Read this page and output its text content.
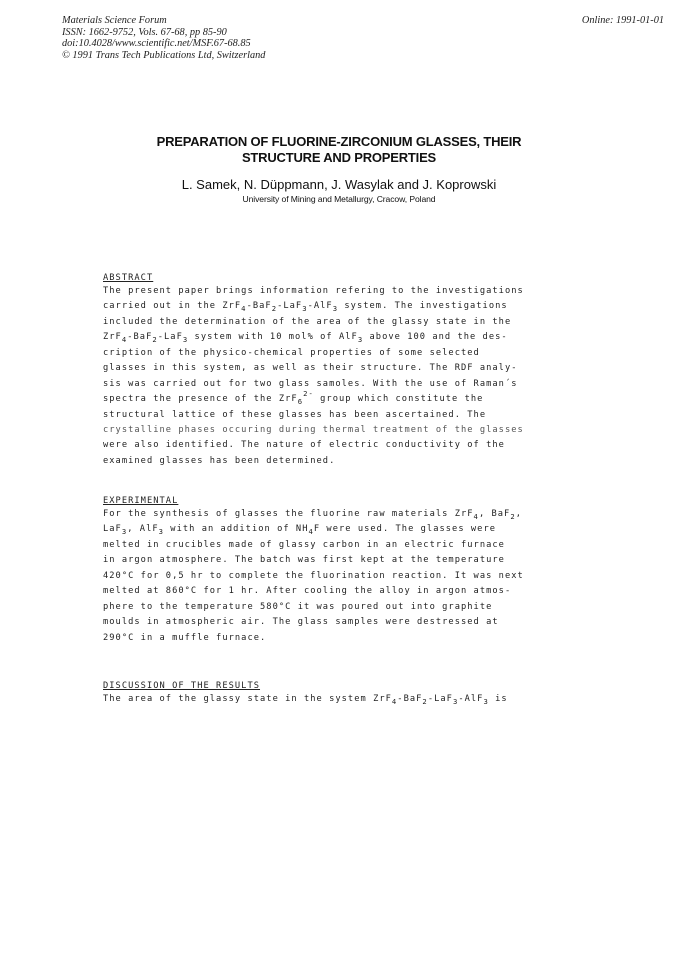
Materials Science Forum
ISSN: 1662-9752, Vols. 67-68, pp 85-90
doi:10.4028/www.scientific.net/MSF.67-68.85
© 1991 Trans Tech Publications Ltd, Switzerland
Online: 1991-01-01
PREPARATION OF FLUORINE-ZIRCONIUM GLASSES, THEIR
STRUCTURE AND PROPERTIES
L. Samek, N. Düppmann, J. Wasylak and J. Koprowski
University of Mining and Metallurgy, Cracow, Poland
ABSTRACT
The present paper brings information refering to the investigations
carried out in the ZrF$_4$-BaF$_2$-LaF$_3$-AlF$_3$ system. The investigations
included the determination of the area of the glassy state in the
ZrF$_4$-BaF$_2$-LaF$_3$ system with 10 mol% of AlF$_3$ above 100 and the des-
cription of the physico-chemical properties of some selected
glasses in this system, as well as their structure. The RDF analy-
sis was carried out for two glass samoles. With the use of Raman´s
spectra the presence of the ZrF$_6^{2-}$ group which constitute the
structural lattice of these glasses has been ascertained. The
crystalline phases occuring during thermal treatment of the glasses
were also identified. The nature of electric conductivity of the
examined glasses has been determined.
EXPERIMENTAL
For the synthesis of glasses the fluorine raw materials ZrF$_4$, BaF$_2$,
LaF$_3$, AlF$_3$ with an addition of $NH_4F$ were used. The glasses were
melted in crucibles made of glassy carbon in an electric furnace
in argon atmosphere. The batch was first kept at the temperature
420°C for 0,5 hr to complete the fluorination reaction. It was next
melted at 860°C for 1 hr. After cooling the alloy in argon atmos-
phere to the temperature 580°C it was poured out into graphite
moulds in atmospheric air. The glass samples were destressed at
290°C in a muffle furnace.
DISCUSSION OF THE RESULTS
The area of the glassy state in the system ZrF$_4$-BaF$_2$-LaF$_3$-AlF$_3$ is
